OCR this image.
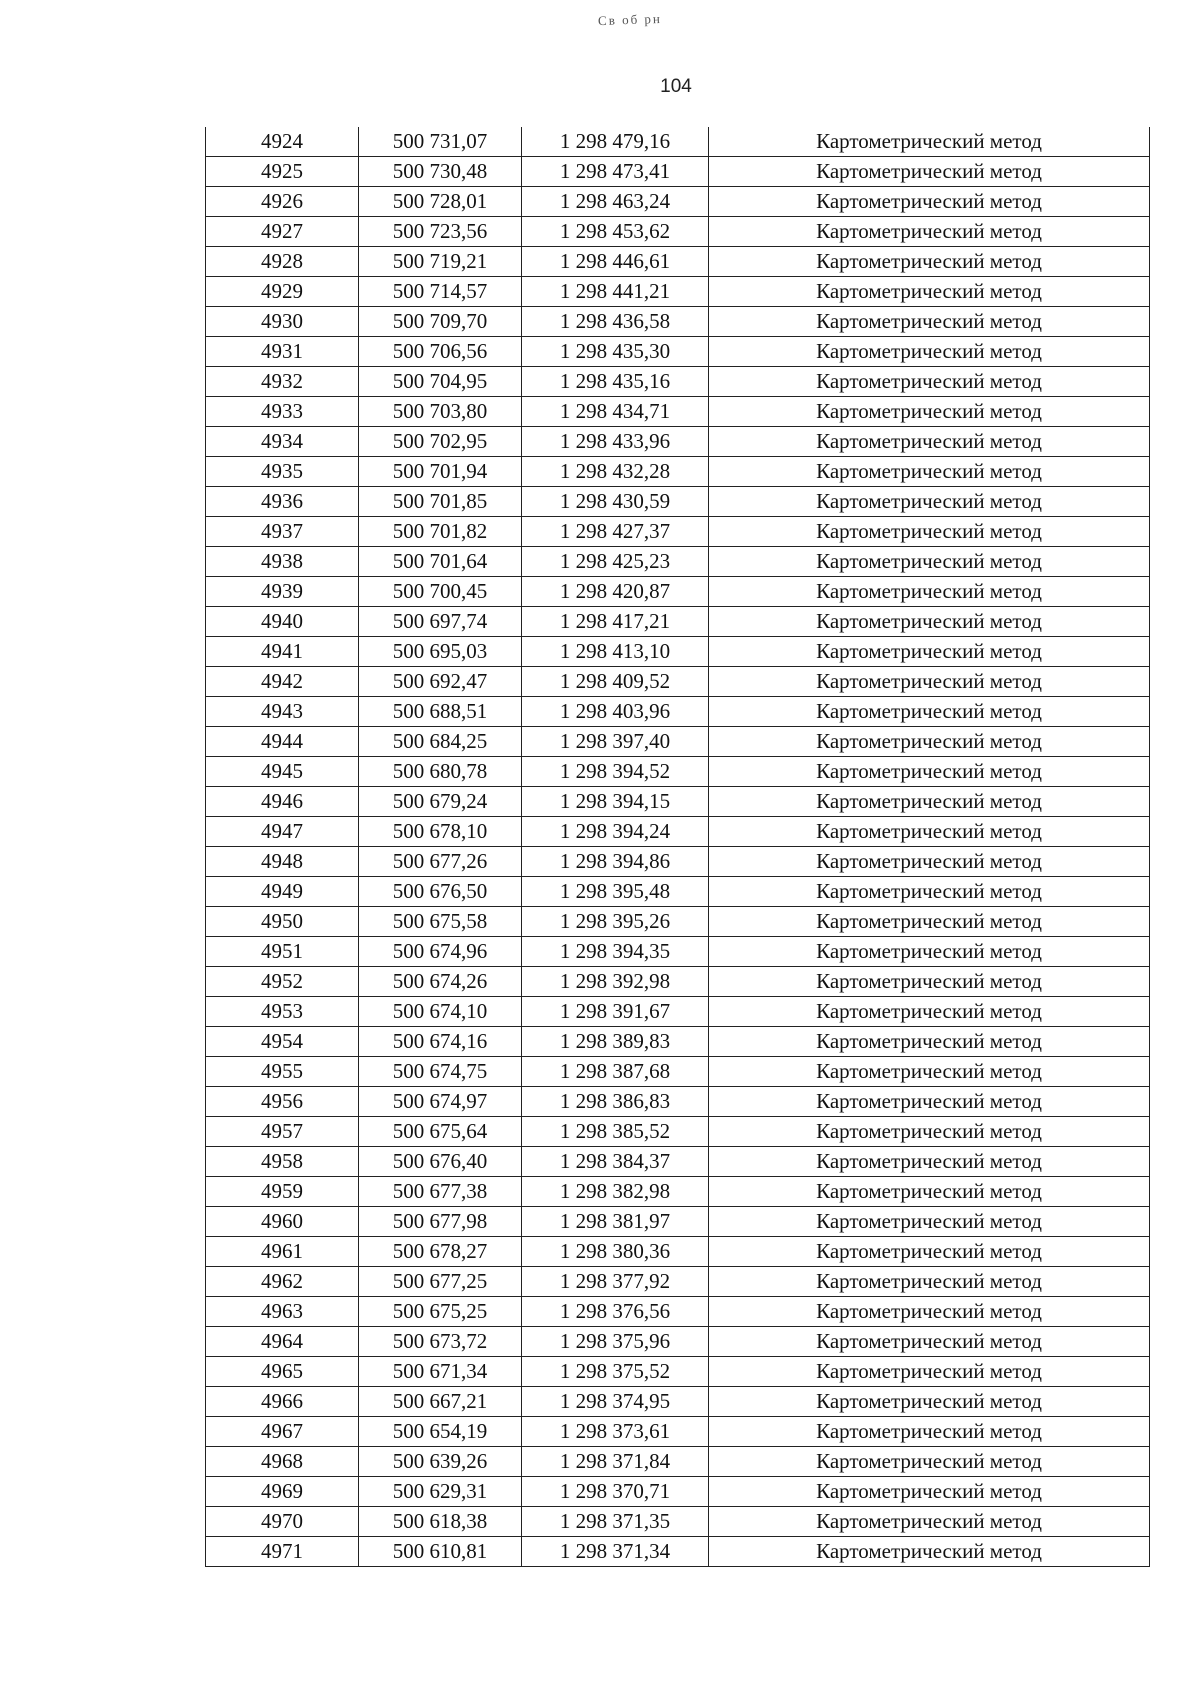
Св об рн
104
4924	500 731,07	1 298 479,16	Картометрический метод
4925	500 730,48	1 298 473,41	Картометрический метод
4926	500 728,01	1 298 463,24	Картометрический метод
4927	500 723,56	1 298 453,62	Картометрический метод
4928	500 719,21	1 298 446,61	Картометрический метод
4929	500 714,57	1 298 441,21	Картометрический метод
4930	500 709,70	1 298 436,58	Картометрический метод
4931	500 706,56	1 298 435,30	Картометрический метод
4932	500 704,95	1 298 435,16	Картометрический метод
4933	500 703,80	1 298 434,71	Картометрический метод
4934	500 702,95	1 298 433,96	Картометрический метод
4935	500 701,94	1 298 432,28	Картометрический метод
4936	500 701,85	1 298 430,59	Картометрический метод
4937	500 701,82	1 298 427,37	Картометрический метод
4938	500 701,64	1 298 425,23	Картометрический метод
4939	500 700,45	1 298 420,87	Картометрический метод
4940	500 697,74	1 298 417,21	Картометрический метод
4941	500 695,03	1 298 413,10	Картометрический метод
4942	500 692,47	1 298 409,52	Картометрический метод
4943	500 688,51	1 298 403,96	Картометрический метод
4944	500 684,25	1 298 397,40	Картометрический метод
4945	500 680,78	1 298 394,52	Картометрический метод
4946	500 679,24	1 298 394,15	Картометрический метод
4947	500 678,10	1 298 394,24	Картометрический метод
4948	500 677,26	1 298 394,86	Картометрический метод
4949	500 676,50	1 298 395,48	Картометрический метод
4950	500 675,58	1 298 395,26	Картометрический метод
4951	500 674,96	1 298 394,35	Картометрический метод
4952	500 674,26	1 298 392,98	Картометрический метод
4953	500 674,10	1 298 391,67	Картометрический метод
4954	500 674,16	1 298 389,83	Картометрический метод
4955	500 674,75	1 298 387,68	Картометрический метод
4956	500 674,97	1 298 386,83	Картометрический метод
4957	500 675,64	1 298 385,52	Картометрический метод
4958	500 676,40	1 298 384,37	Картометрический метод
4959	500 677,38	1 298 382,98	Картометрический метод
4960	500 677,98	1 298 381,97	Картометрический метод
4961	500 678,27	1 298 380,36	Картометрический метод
4962	500 677,25	1 298 377,92	Картометрический метод
4963	500 675,25	1 298 376,56	Картометрический метод
4964	500 673,72	1 298 375,96	Картометрический метод
4965	500 671,34	1 298 375,52	Картометрический метод
4966	500 667,21	1 298 374,95	Картометрический метод
4967	500 654,19	1 298 373,61	Картометрический метод
4968	500 639,26	1 298 371,84	Картометрический метод
4969	500 629,31	1 298 370,71	Картометрический метод
4970	500 618,38	1 298 371,35	Картометрический метод
4971	500 610,81	1 298 371,34	Картометрический метод
